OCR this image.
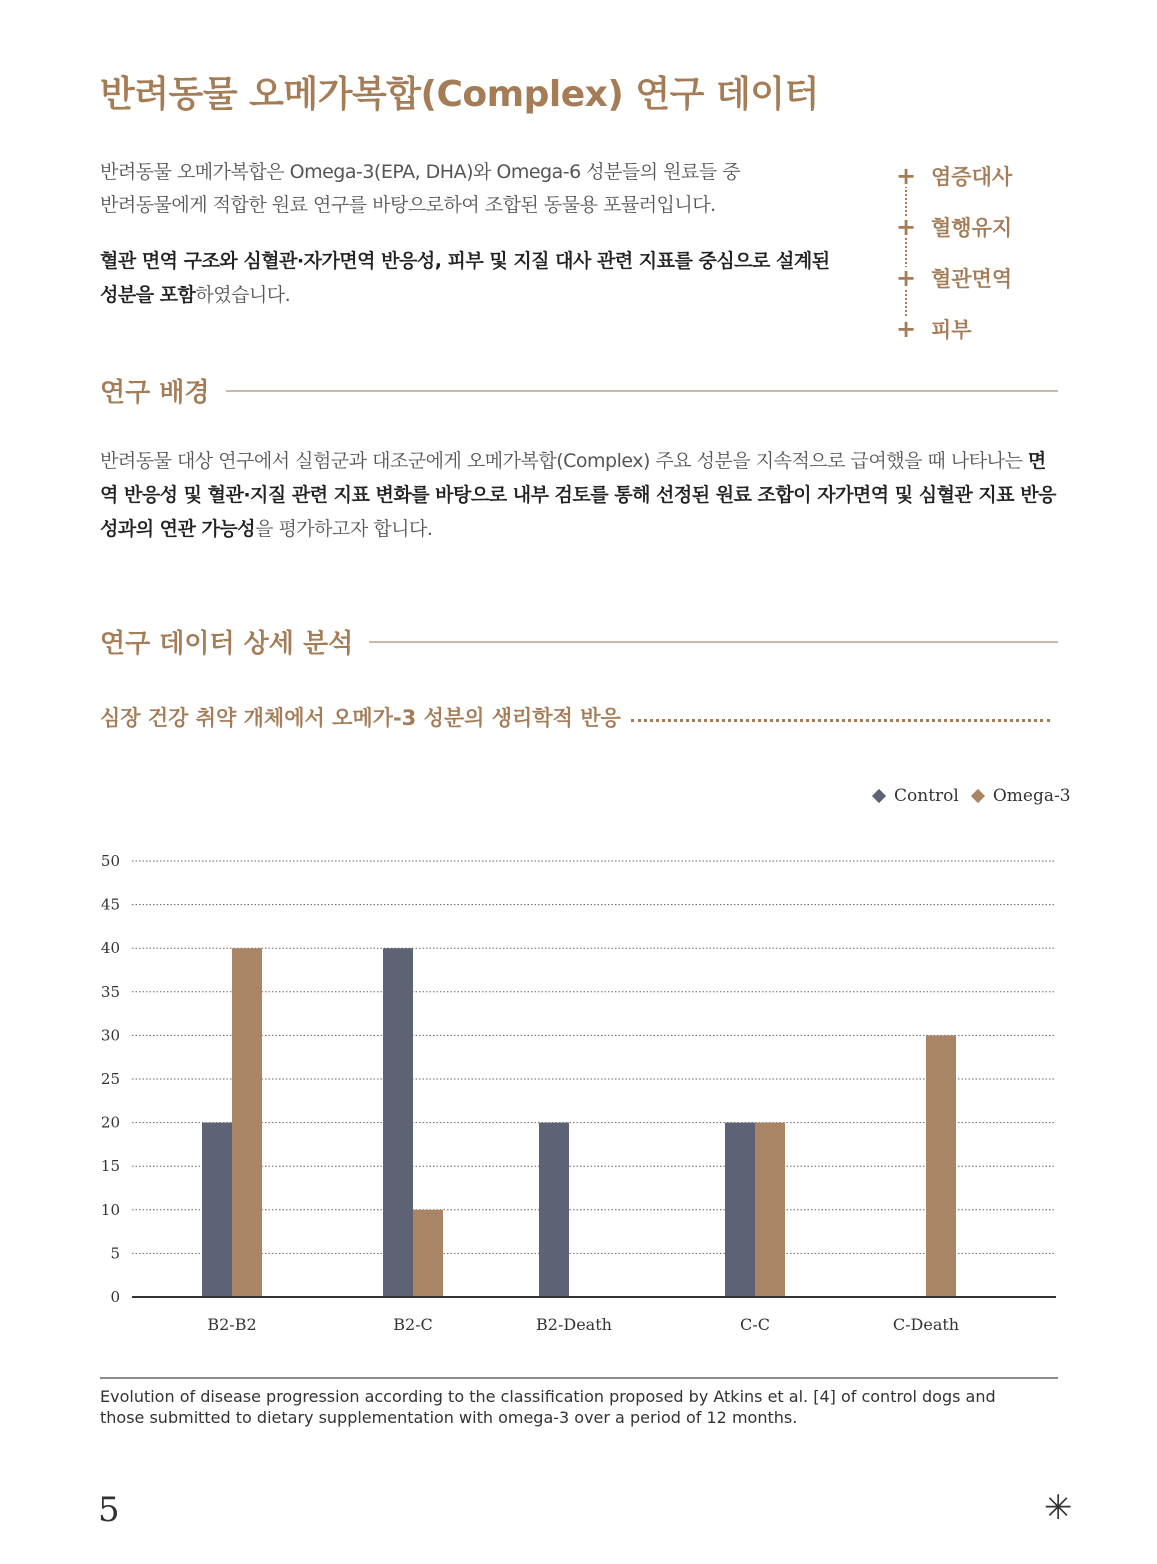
반려동물 오메가복합(Complex) 연구 데이터
반려동물 오메가복합은 Omega-3(EPA, DHA)와 Omega-6 성분들의 원료들 중
반려동물에게 적합한 원료 연구를 바탕으로하여 조합된 동물용 포뮬러입니다.
혈관 면역 구조와 심혈관·자가면역 반응성, 피부 및 지질 대사 관련 지표를 중심으로 설계된 성분을 포함하였습니다.
+ 염증대사
+ 혈행유지
+ 혈관면역
+ 피부
연구 배경
반려동물 대상 연구에서 실험군과 대조군에게 오메가복합(Complex) 주요 성분을 지속적으로 급여했을 때 나타나는 면역 반응성 및 혈관·지질 관련 지표 변화를 바탕으로 내부 검토를 통해 선정된 원료 조합이 자가면역 및 심혈관 지표 반응성과의 연관 가능성을 평가하고자 합니다.
연구 데이터 상세 분석
심장 건강 취약 개체에서 오메가-3 성분의 생리학적 반응
Control Omega-3
0
5
10
15
20
25
30
35
40
45
50
B2-B2	B2-C	B2-Death	C-C	C-Death
Evolution of disease progression according to the classification proposed by Atkins et al. [4] of control dogs and those submitted to dietary supplementation with omega-3 over a period of 12 months.
5	✳
